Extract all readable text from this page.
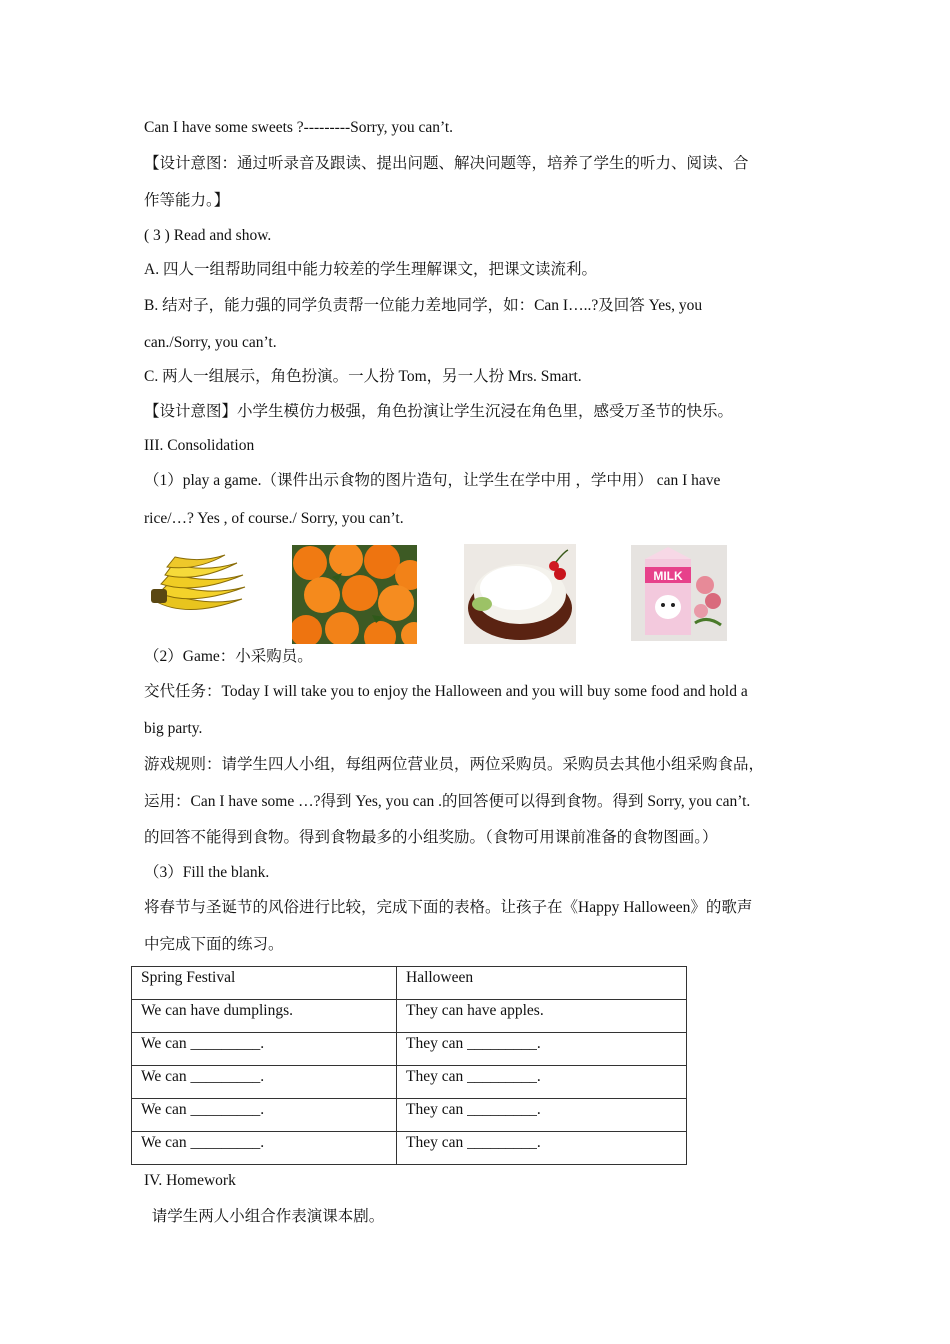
Can I have some sweets ?---------Sorry, you can’t.
【设计意图：通过听录音及跟读、提出问题、解决问题等，培养了学生的听力、阅读、合
作等能力。】
( 3 ) Read and show.
A. 四人一组帮助同组中能力较差的学生理解课文，把课文读流利。
B. 结对子，能力强的同学负责帮一位能力差地同学，如：Can I…..?及回答 Yes, you
can./Sorry, you can’t.
C. 两人一组展示，角色扮演。一人扮 Tom，另一人扮 Mrs. Smart.
【设计意图】小学生模仿力极强，角色扮演让学生沉浸在角色里，感受万圣节的快乐。
III. Consolidation
（1）play a game.（课件出示食物的图片造句，让学生在学中用 ，学中用） can I have
rice/…? Yes , of course./ Sorry, you can’t.
（2）Game：小采购员。
MILK
交代任务：Today I will take you to enjoy the Halloween and you will buy some food and hold a
big party.
游戏规则：请学生四人小组，每组两位营业员，两位采购员。采购员去其他小组采购食品，
运用：Can I have some …?得到 Yes, you can .的回答便可以得到食物。得到 Sorry, you can’t.
的回答不能得到食物。得到食物最多的小组奖励。（食物可用课前准备的食物图画。）
（3）Fill the blank.
将春节与圣诞节的风俗进行比较，完成下面的表格。让孩子在《Happy Halloween》的歌声
中完成下面的练习。
Spring Festival	Halloween
We can have dumplings.	They can have apples.
We can _________.	They can _________.
We can _________.	They can _________.
We can _________.	They can _________.
We can _________.	They can _________.
IV. Homework
请学生两人小组合作表演课本剧。
